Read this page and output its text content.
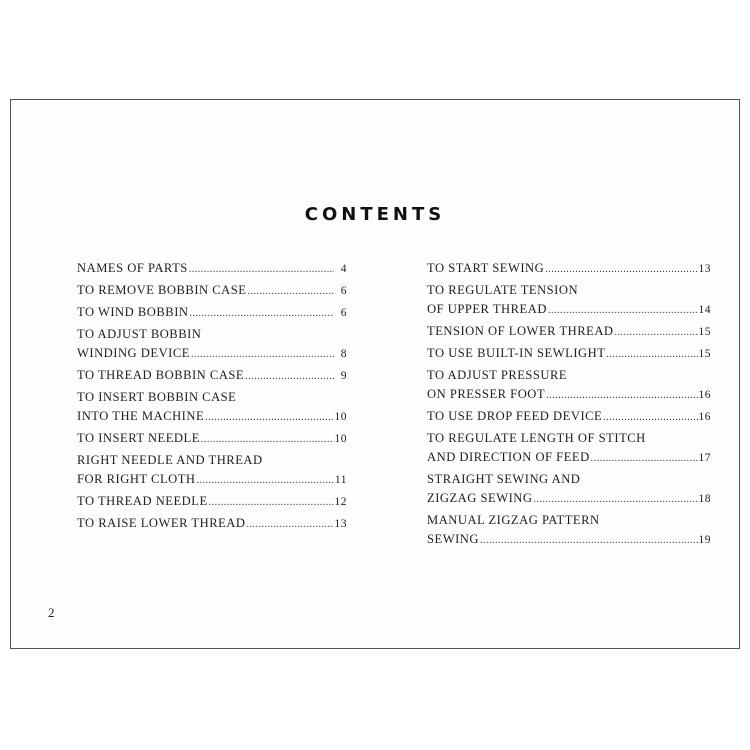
CONTENTS
NAMES OF PARTS .....	4
TO REMOVE BOBBIN CASE .....	6
TO WIND BOBBIN .....	6
TO ADJUST BOBBIN
WINDING DEVICE .....	8
TO THREAD BOBBIN CASE .....	9
TO INSERT BOBBIN CASE
INTO THE MACHINE .....	10
TO INSERT NEEDLE .....	10
RIGHT NEEDLE AND THREAD
FOR RIGHT CLOTH .....	11
TO THREAD NEEDLE .....	12
TO RAISE LOWER THREAD .....	13
TO START SEWING .....	13
TO REGULATE TENSION
OF UPPER THREAD .....	14
TENSION OF LOWER THREAD .....	15
TO USE BUILT-IN SEWLIGHT .....	15
TO ADJUST PRESSURE
ON PRESSER FOOT .....	16
TO USE DROP FEED DEVICE .....	16
TO REGULATE LENGTH OF STITCH
AND DIRECTION OF FEED .....	17
STRAIGHT SEWING AND
ZIGZAG SEWING .....	18
MANUAL ZIGZAG PATTERN
SEWING .....	19
2
